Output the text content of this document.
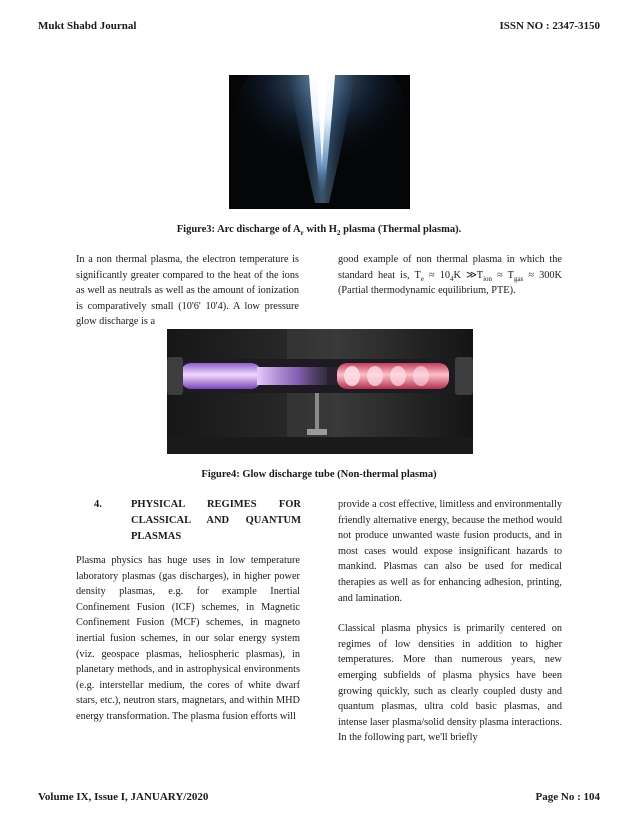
Mukt Shabd Journal	ISSN NO : 2347-3150
Figure3: Arc discharge of $A_r$ with $H_2$ plasma (Thermal plasma).

In a non thermal plasma, the electron temperature is significantly greater compared to the heat of the ions as well as neutrals as well as the amount of ionization is comparatively small (10'6' 10'4). A low pressure glow discharge is a

good example of non thermal plasma in which the standard heat is, $T_e \approx 10_4K$ $≫T_{ion} \approx T_{gas} \approx 300K$ (Partial thermodynamic equilibrium, PTE).

Figure4: Glow discharge tube (Non-thermal plasma)
4.	PHYSICAL REGIMES FOR
CLASSICAL AND QUANTUM
PLASMAS

Plasma physics has huge uses in low temperature laboratory plasmas (gas discharges), in higher power density plasmas, e.g. for example Inertial Confinement Fusion (ICF) schemes, in Magnetic Confinement Fusion (MCF) schemes, in magneto inertial fusion schemes, in our solar energy system (viz. geospace plasmas, heliospheric plasmas), in planetary methods, and in astrophysical environments (e.g. interstellar medium, the cores of white dwarf stars, etc.), neutron stars, magnetars, and within MHD energy transformation. The plasma fusion efforts will

provide a cost effective, limitless and environmentally friendly alternative energy, because the method would not produce unwanted waste fusion products, and in most cases would expose insignificant hazards to mankind. Plasmas can also be used for medical therapies as well as for enhancing adhesion, printing, and lamination.

Classical plasma physics is primarily centered on regimes of low densities in addition to higher temperatures. More than numerous years, new emerging subfields of plasma physics have been growing quickly, such as clearly coupled dusty and quantum plasmas, ultra cold basic plasmas, and intense laser plasma/solid density plasma interactions. In the following part, we'll briefly

Volume IX, Issue I, JANUARY/2020	Page No : 104
